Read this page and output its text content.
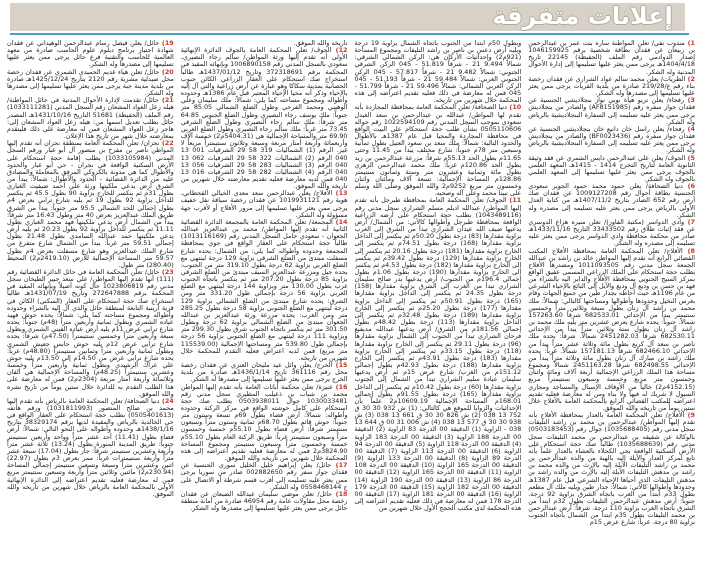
إعلانات متفرقة

1) مندوب نفي/ تعلن المواطنة ساره بنت عمر بن عبدالرحمن بن ربيعان عن فقدان بطاقة شخصية برقم 1046159925 إصدار الدوادمي رقم الملف (الحفيظة) 22145 تاريخ 1404/4/18هـ يرجى ممن يعثر عليها تسليمها إلى إدارة الأحوال المدنية وله الشكر.

2) الطريات/ يعلن محمد سالم عواد الشراري عن فقدان رخصة بناء رقم ع/219/28 صادرة من بلدية القريات يرجى ممن يعثر عليها تسليمها إلى مصدرها وله الشكر.

3) رفحاء/ يعلن تريو هيأة نوبي نواز بنجلاديشي الجنسية عن فقدان جواز سفره رقم (AF8151985) والصادر من بنجلاديش يرجى ممن يعثر عليه تسليمه إلى السفارة البنجلاديشية بالرياض وله الشكر.

4) رفحاء/ يعلن راسل خان دانيع خان بنجلاديشي الجنسية عن فقدان جواز سفره رقم (BF0023436) والصادر من بنجلاديش يرجى ممن يعثر عليه تسليمه إلى السفارة البنجلاديشية بالرياض وله الشكر.

5) الجوف/ يعلن علي عبدالرحمن دايس الشمري عن فقد وثيقة الثانوية العامة لتاريخ التخرج 1414 - 1415هـ المعهد العلمي بالجوف يرجى ممن يعثر عليها تسليمها إلى المعهد العلمي بالجوف وله الشكر.

6) دنيا الصحافة/ يعلن حمود محمد حمود الجوير سعودي الجنسية بطاقة أحوال رقم 1009127208 عن فقدان صك أرض رقم 652 الصادر بتاريخ 1407/11/2هـ من كتابة العدل الأولى بالرياض يرجى ممن يعثر عليه تسليمه إلى مصدره وله الشكر.

7) وادي الدواسر (مكتبة الفاوز)/ تعلن منيره هزاع الدوسري عن فقد إثبات طلاق رقم 33433502 التاريخ 1433/11/16هـ صادر من محكمة محافظة وادي الدواسر يرجى ممن يعثر عليه تسليمه إلى مصدره وله الشكر.

8) الأفلاج/ تعلن المحكمة العامة بمحافظة الأفلاج المكتب القضائي الرابع أنه تقدم إليها المواطن خالد بن راشد بن عبدالله الجمعة سجل مدني رقم 1011093505 ومصدرها الأفلاج بطلب حجة استحكام على الملك الزراعي المسمى عقيق الواقع بمركز السيح الجنوبي بمحافظة الأفلاج والداير اليه بالشراء من فهد بن حسن بن وديع آل وديع والآيل إلى البائع بالإحياء الشرعي من عام 1196هـ حيث أحاطه بجدار طين من جميع الجهات وقام بغرس النخيل وحدودها وأطوالها ومساحتها كالتالي: شمالاً: ملك محمد بن راشد آل زنان بطول سبعة وثلاثين متراً وخمسين سنتيمتر يبدأ من الإحداثي 682533.01 شرقاً 157263.60 شمالاً. جنوباً: يحده شارع يعرض عشرين متر يليه ملك محمد بن راشد آل زنان بطول ستة وثلاثين متراً يبدأ من الإحداثي 682530.11 شرقاً 2451282.03 شمالاً. شرقاً: يحده ملك ناصر بن سعد آل كريع بطول مائة وثلاثة عشر متراً يبدأ من الإحداثي 682466.10 شرقاً 157181.13 شمالاً. غرباً: يحده ملك راشد بن مبارك آل زنان بطول مائة وثلاثة متراً يبدأ من الإحداثي 682498.55 شرقاً 2451163.28 شمالاً ومجموع مساحة هذا الملك الزراعي الإجمالية أربعة آلاف ومائة واثنان وخمسون متر مربع وخمسة وسبعون سنتيمتراً مربع (4152.15م2) خالياً من الأوقاف الإسبال والمساجد ومجاري السيول لا شريك له فيها ولا بناء ومن له معارضة فعليه تقديم اعتراضه للمكتب القضائي الرابع بالمحكمة العامة بالأفلاج خلال ستين يوماً من تاريخه والله الموفق.

9) الأفلاج/ تعلن المحكمة العامة بالعدار بمحافظة الأفلاج بأنه تقدم إليها المواطن/ عبدالرحمن بن محمد بن راشد التليفات سجل مدني رقم (1035688405) جوال رقم (0503183453) بالوكالة عن شقيقه بن عبدالرحمن بن محمد التليفات سجل مدني رقم (1035688639) طالباً صك حجة استحكام على الأرض السكنية الواقعة بحي الكحلاء بالعشاء بالعدار علماً بأنه تابع لمركز العدار والآيلة إليه بالهبة من والده عبدالرحمن بن محمد بن راشد التليفات الآيلة إليه بالإرث من والده محمد بن راشد بن مدهش التليفات الآيلة إليه بالإرث من والده راشد بن مدهش التليفات الذي أحياها الإحياء الشرعي قبل عام 1387هـ وحدودها وأطوالها كالآتي: شمالاً: جدار طين ويليه ملك آل مطعم بطول 33م ابتدأ من الغرب باتجاه الشرق بزاوية 92 درجة. جنوباً: أرض مدهش عبدالرحمن التليفات بطول 32م ابتدأ من الشرق باتجاه الغرب بزاوية 110 درجة. شرقاً: أرض عبدالرحمن بن محمد التليفات بطول 35م ابتدأ من الشمال باتجاه الجنوب بزاوية 80 درجة. غرباً: شارع عرض 15م

وبطول 50م ابتدأ من الجنوب باتجاه الشمال بزاوية 19 درجة ويليه أرض دعس بن ناصر بن راشد التليفات ومجموع المساحة (921م2) وإحداثيات الأركان هي: الركن الشمالي الشرقي: شمالاً 9.494 21 - شرقاً 51.819 - 045 الركن الشرقي الجنوبي: شمالاً 9.482 21 - شرقاً 57.817 - 045 الركن الجنوبي الغربي: شمالاً 59.484 21 - شرقاً 51.193 - 045 الركن الغربي الشمالي: شمالاً 59.496 21 - شرقاً 51.799 - 045 فمن له معارضة في ذلك فعليه تقديم اعتراضه إلى هذه المحكمة خلال شهرين من تاريخه.

10) دنيا الصحافة/ تعلن المحكمة العامة بمحافظة المجاردة بأنه تقدم لها المواطن/ عبدالله بن عبدالرحمن بن سعد الغبدل سعودي بموجب السجل المدني رقم 1022594109 رقم جواله 0505110606 بشأن طلب حجة استحكام على البيت الواقع في محافظة المجاردة والمحيا قبل عام 1387هـ بالأطوال والحدود التالية: شمالاً: ملك سعد بن سعود العتيل بطول ثمانية وسبعين متر 78م جنوباً: شارع مختلف يبدأ من 11.45 وحتى 11.65م بطول الحد 55.13م شرقاً: مزرعة عبدالرحمن بن زيد بطول الحد 120.86م غرباً: ملك محمد عبدالرحمن الزهري بطول مائة وثمانية وعشرون متر وستة وثمانون سنتيمتر 128.86م المساحة الإجمالية: تسعة آلاف ومائتان واثنان وخمسون متر مربع 9252م2 والله الموفق وصلى الله وسلم على نبينا محمد وعلى آله وصحبه.

11) الجوف/ تعلن المحكمة العامة بمحافظة طبرجل بأنه تقدم إليها المواطن/ عبدالله اديلم مسلم الشراري سجل مدني رقم (1043489116) بطلب حجة استحكام على أرضه الزراعية الواقعة بمحافظة طبرجل وأطوالها كالآتي: من الشمال/ أرض يدعيها ضيف الله عيدان الشراري تبدأ من الشرق إلى الغرب بزاوية مقدارها (83) درجة بطول 50.20م ثم ينكسر إلى الداخل بزاوية مقدارها (168) درجة بطول 74.51م ثم ينكسر إلى الخارج بزاوية مقدارها (181) درجة بطول 20.16 ثم ينكسر إلى الخارج بزاوية مقدارها (129) درجة بطول 39.42م ثم ينكسر إلى الخارج بزاوية مقدارها (182) درجة بطول 4.53م ثم ينكسر إلى الخارج بزاوية مقدارها (190) درجة بطول 1.06م بطول إجمالي 196.4م من الجنوب/ أرض يدعيها بدر صالح سليمان الشراري تبدأ من الغرب إلى الشرق بزاوية مقدارها (158) درجة بطول 24.35 ثم ينكسر إلى الداخل بزاوية مقدارها (165) درجة بطول 50.91م ثم ينكسر إلى الداخل بزاوية مقدارها (177) درجة بطول 25.20م ثم ينكسر إلى الخارج بزاوية مقدارها (189) درجة بطول 32.48م ثم ينكسر إلى الداخل بزاوية مقدارها (113) درجة بطول 48.42م بطول إجمالي 181.56م من الشرق/ أرض يدعيها عبدالله مديفيع فرحان الشراري تبدأ من الجنوب إلى الشمال بزاوية مقدارها (96) درجة بطول 29.11 ثم ينكسر إلى الخارج بزاوية مقدارها (118) درجة بطول 33.15م ثم ينكسر إلى الخارج بزاوية مقدارها (183) درجة بطول 43.91م ثم ينكسر إلى الخارج بزاوية مقدارها (188) درجة بطول 42.93م بطول إجمالي 151.12م من الغرب/ شارع عرض 15م ثم أرض يدعيها سليمان عيادة سليم الشراري تبدأ من الشمال إلى الجنوب بزاوية مقدارها (60) درجة بطول 10.42م ثم ينكسر إلى الداخل بزاوية مقدارها (165) درجة بطول 91.55م بطول إجمالي 168.01م المساحة الإجمالية 10609.19م2 علماً بأن الإحداثيات والزوايا للموقع هي كالتالي: (1) ش 932 30 30 ق 752 13 038 (2) ش 826 30 30 ق 661 13 038 (3) ش 938 30 30 ق 577 13 038 (4) ش 006 31 00 ق 644 13 038 - الزاوية (1) الدقيقة 00 الدرجة 83 الزاوية (2) الدقيقة 00 الدرجة 188 الزاوية (3) الدقيقة 00 الدرجة 183 الزاوية (4) الدقيقة 00 الدرجة 118 الزاوية (5) الدقيقة 00 الدرجة 94 الزاوية (6) الدقيقة 00 الدرجة 113 الزاوية (7) الدقيقة 00 الدرجة 89 الزاوية (8) الدقيقة 00 الدرجة 133 الزاوية (9) الدقيقة 00 الدرجة 165 الزاوية (10) الدقيقة 00 الدرجة 108 الزاوية (11) الدقيقة 00 الدرجة 165 الزاوية (12) الدقيقة 00 الدرجة 86 الزاوية (13) الدقيقة 00 الدرجة 190 الزاوية (14) الدقيقة 00 الدرجة 182 الزاوية (15) الدقيقة 00 الدرجة 179 الزاوية (16) الدقيقة 00 الدرجة 181 الزاوية (17) الدقيقة 00 الدرجة 178 فمن له معارضة في ذلك فعليه تقديم اعتراضه إلى هذه المحكمة لدى مكتب الحجج الأول خلال شهرين من

تاريخه والله الموفق.

12) الجوف/ تعلن المحكمة العامة بالجوف الدائرة الإنهائية الأولى أنه تقدم إليها ورثة المواطن/ سالم رجاء النصيري، سعودي بالسجل المدني رقم 1006890158 وبإنهائه المقيد في المحكمة برقم 372318691 وتاريخ 1437/01/12هـ طالباً استخراج صك استحكام على العقار الزراعي الكائن جنوب الحصانية بمدينة سكاكا وهو عبارة عن أرض زراعية والتي آل إليه بالإحياء وذكر أنه محيا الإحياء المعتبر قبل عام 1386هـ وحدوده وأطواله ومجموع مساحته كما يلي: شمالاً: ملك سليمان وعلي الوهيبي ومحمد الفرحي وطول الضلع الشمالي 85.05 متر جنوباً: ملك يوسف رجاء النصيري وطول الضلع الجنوبي 64.85 متر شرقاً: ملك سالم رجاء النصيري وطول الضلع الشرقي 73.45 متر غرباً: ملك سالم رجاء النصيري وطول الضلع الغربي 69.90 متر والمساحة الإجمالية هي (5404.31م2) خمسة آلاف وأربعمائة وأربعة أمتار مربعة وسبعة وثلاثون سنتيمتراً مربعاً لا غير. الرقم (1) الشماليات 319 58 29 الشرقيات 001 13 040 الرقم (2) الشماليات 322 58 29 الشرقيات 062 13 040 الرقم (3) الشماليات 283 58 29 الشرقيات 056 13 040 الرقم (4) الشماليات 282 58 29 الشرقيات 016 13 040 فمن لديه معارضة فعليه تقديم معارضته خلال شهرين من تاريخه والله الموفق.

13) الأفلاج/ يعلن عبدالرحمن سعد معدي الخيالي القحطاني، هوية رقم 1019931121 عن فقدان رخصة سياقة نقل خفيف يرجى ممن يعثر عليها تسليمها إلى مرور الأفلاج أو لأقرب جهة مسؤولة وله الشكر.

14) المجمعة/ تعلن المحكمة العامة بالمجمعة الدائرة القضائية الثانية أنه تقدم إليها المواطن/ محمد بن عبدالعزيز عبدالله الجعوان - سعودي حامل السجل المدني رقم (1013116169) طالباً حجة استحكام على العقار الواقع في جوي بمحافظة المجمعة وحدوده وأطواله كما يلي: من الشمال: يحده شارع مسفلت مبتدئ من الضلع الشرقي بزاوية 129 درجة لينتهي مع الضلع الغربي بزاوية 62 درجة بطول 319.10 متر من الجنوب: يحده جبل ومزرعة عبدالعزيز السيف مبتدئ من الضلع الشرقي بزاوية 85 درجة بطول 207.20 متر ثم ينكسر باتجاه الجنوب غرب بطول 130.00 متر وبزاوية 144 درجة لينتهي مع الضلع الغربي بزاوية 56 درجة بإجمالي طول 331.20 متر ومن الشرق: يحده شارع مبتدئ من الضلع الشمالي بزاوية 129 درجة لينتهي مع الضلع الجنوبي بزاوية 58 درجة بطول 285.25 متر ومن الغرب: يحده مزرعة ورثة عبدالعزيز بن عبدالله الجعوان مبتدئ من الضلع الشمالي بزاوية 62 درجة وبطول 301.50 متر ثم ينكسر باتجاه الجنوب شرق بطول 299.30 متر وبزاوية 111 درجة لينتهي مع الضلع الجنوبي بزاوية 56 درجة بإجمالي طول 539.80 متر ومساحتها الإجمالية (115539.00 متر مربع) فمن لديه اعتراض فعليه التقدم للمحكمة خلال شهرين من تاريخه.

15) الخرج/ يعلن وائل عيد مليحان العنزي عن فقدان رخصة محل رقم 361116 تاريخ 1436/1/14هـ صادرة من بلدية الخرج يرجى ممن يعثر عليها تسليمها إلى مصدرها له الشكر.

16) عنيزة/ تعلن محكمة أبانات العامة بأنه تقدم إليها المواطن محمد بن شباب بن ذعيلب المطيري سجل مدني رقم 1030033481 جوال 0503938011 يطلب صك حجة استحكام على كامل حوشته الواقع في مركز الركنة وحدوده وأطواله: شمالاً: أرض فضاء بطول 69م تسعة وستون متر جنوباً: حوش قائم بطول 68.70م ثمانية وستون متراً وسبعون سنتيمتر شرقاً: أرض فضاء بطول 55.10م خمسة وخمسون متراً وسبعون سنتيمتر غرباً: طريق الركنة العام بطول 55.10م خمسة وخمسون متراً وسبعون سنتيمتر ومجموع المساحة 3824.90م2 فمن له معارضة فعليه تقديم اعتراضه إلى هذه المحكمة خلال شهرين من تاريخه والله الموفق.

17) حائل/ يعلن إبراهيم خليل الخليل سوري الجنسية عن فقدان جواز سفر رقم 002882650 صادر من سوريا يرجى ممن يعثر عليه تسليمه إلى أقرب قسم شرطة أو الاتصال على ج 0558468144 وله الشكر.

18) حائل/ تعلن موضي سليمان عبدالله الضبعان عن فقدان رخصة محل مقاولات عامة رقم 46954 صادرة من أمانة منطقة حائل يرجى ممن يعثر عليها تسليمها إلى مصدرها وله الشكر.

19) حائل/ يعلن فيصل رسام عبدالرحمن الوهيداني عن فقدان شهادة اجتياز برنامج دبلوم علوم الحاسب صادرة من معهد العالمية للحاسب والتقنية فرع حائل يرجى ممن يعثر عليها تسليمها إلى مصدرها وله الشكر.

20) حائل/ تعلن هياء غديم الحميدي الشمري عن فقدان رخصة محل صيدلية مشربة رقم 2120 بتاريخ 1425/12/24هـ صادرة من بلدية مدينة جبة يرجى ممن يعثر عليها تسليمها إلى مصدرها وله الشكر.

21) حائل/ تقدمت لإدارة الأحوال المدنية في حائل المواطنة/ هيله زعل العواد المشعان رقم السجل المدني (1033111281) رقم الملف (الحفيظة) 51681 التاريخ 1431/10/16هـ المصدر حائل بطلب تعديل اسمها من: هيله زعل العواد المشعان إلى: هاجر زعل العواد المشعان فمن له معارضة على ذلك فليتقدم بمعارضته خلال شهر من تاريخ هذا الإعلان.

22) نجران/ تعلن المحكمة العامة بمنطقة نجران أنه تقدم إليها المواطن ناصر بن مفرح بن منصور آل أبو غبار ورقم السجل المدني (1033105984) يطلب إقامة حجة استحكام على الأرض السكنية الواقعة في نجران - حي أبو غبار والحدود والأطوال كما هي مدونة بالكروكي المرفق بالمعاملة والمصادق عليه من الدائرة القضائية - الحدود والأطوال: شمالاً: يبدأ من الشرق أرض يدعي ملكيتها ورثة علي أحمد ضيفيت الغباري بطول 31م ثم ينكسر للخارج بزاوية 90 بطول 45.5 ثم ينكسر للداخل بزاوية 92 بطول 19 ثم يليه شارع ترابي بعرض 4م بطول إجمالي للحد الشمالي 95.5 متر جنوباً: يبدأ من الشرق طريق الملك عبدالعزيز بعرض 40 متر وطول 16.43 متر شرقاً: يبدأ من الشمال أرض يدعي ملكيتها فهد محمد الغباري بطول 11.11 ثم ينكسر للداخل بزاوية 92 بطول 20.23 ثم يليه أرض يدعي ملكيتها حمد عبدالله السامدي بطول 21.48 بطول إجمالي 59.51 متر غرباً: يبدأ من الشمال شارع متفرع من شارع الملك عبدالعزيز وهو شارع مسفلت بعرض 4م بطول 59.57 متر المساحة الإجمالية للأرض (2419.10م2) المحيط (280.40) متر طول.

23) حائل/ تعلن المحكمة العامة في حائل الدائرة القضائية رقم (111) أنها تقدم إليها المواطن/ علي سعد جبير الطيخان سجل مدني رقم 1023806819 حال كونه أصيلاً وبإنهائه المقيد في المحكمة برقم 272647888 وتاريخ 1431/07/19هـ طالباً استخراج صك حجة استحكام على العقار (السكني) الكائن في قرية أرينبة التابعة لمنطقة حائل والذي آل إليه بالشراء وحدوده وأطواله ومجموع مساحته كما يلي: شمالاً: يحده حوش فهيد عياده الشمري وبطول ثمانية وأربعين متراً (48م) جنوباً: يحده شارع ترابي عرض 11م يليه أرض عياده الفيني الشمري وبطول سبعة وأربعين متراً وخمسين سنتيمتراً (47.50م) شرقاً: يحده شارع ترابي عرض 12م يليه حوش حابس جعيش الشمري وبطول ثمانية وأربعين متراً وثمانين سنتيمتراً (48.80م) غرباً: يحده شارع ترابي عرض من 14.50م إلى 13.50م يليه حوش علي عراك الرشيدي وبطول ثمانية وأربعين متراً وخمسة وعشرين سنتيمتراً (48.25م) والمساحة الإجمالية هي ألفان وثلاثمائة وأربعة أمتار مربعة (2304م2) فمن له معارضة على هذا الطلب التقدم به للدائرة خلال ستين يوماً من تاريخ نشره والله الموفق.

24) دنيا الصحافة/ تعلن المحكمة العامة بالرياض بأنه تقدم إليها محمد بن صالح المنصور (1031811993) ورقم هاتفه (0505401613) بطلب حجة استحكام على العقار الواقع في حي الخالدية بالرياض والمقيدة لديها برقم 38329174 بتاريخ 1438/1/16هـ وحدوده وأطواله على النحو التالي: شمالاً: أرض فضاء بطول (11.41) أحد عشر متراً وواحد وأربعين سنتيمتر جنوباً: طريق المدينة المنورة بطول (13.24) ثلاثة عشر متراً وأربعة وعشرين سنتيمتر شرقاً: جار بطول (17.04) سبعة عشر متراً وأربعة سنتيمترات غرباً: ممر بعرض 3م بطول (22.97) اثنين وعشرين متراً وسبعة وتسعين سنتيمتر إجمالي المساحة (230.94م2) مائتين وثلاثين متراً وأربعة وتسعين سنتيمتر مربع فمن له معارضة فعليه تقديم اعتراضه إلى الدائرة الإنهائية الأولى بالمحكمة العامة بالرياض خلال شهرين من تاريخه والله الموفق.
